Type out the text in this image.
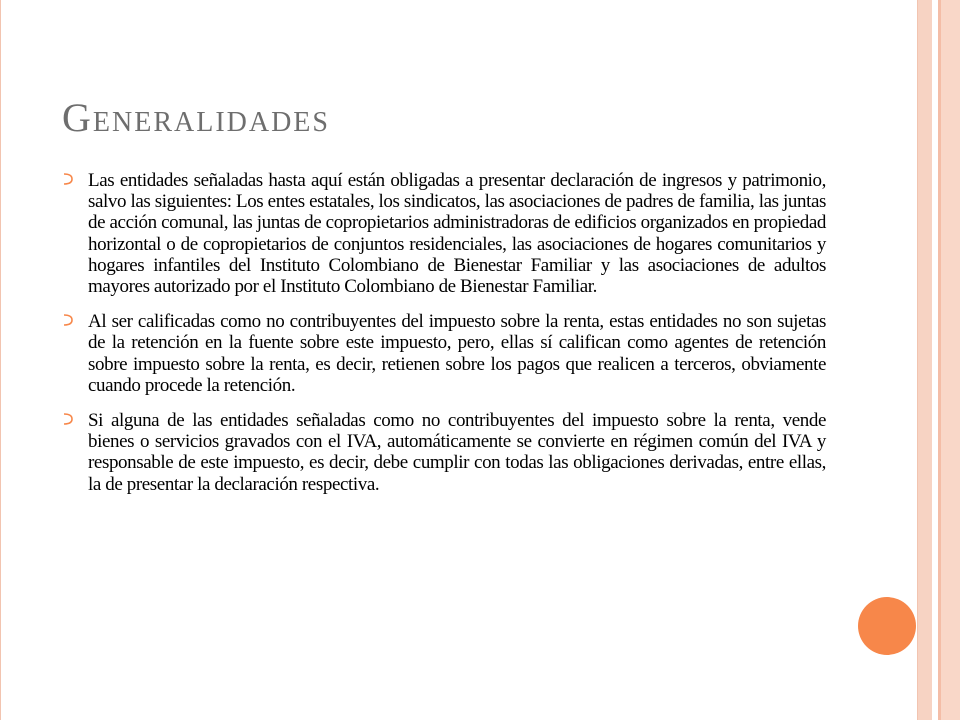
Generalidades
Las entidades señaladas hasta aquí están obligadas a presentar declaración de ingresos y patrimonio, salvo las siguientes: Los entes estatales, los sindicatos, las asociaciones de padres de familia, las juntas de acción comunal, las juntas de copropietarios administradoras de edificios organizados en propiedad horizontal o de copropietarios de conjuntos residenciales, las asociaciones de hogares comunitarios y hogares infantiles del Instituto Colombiano de Bienestar Familiar y las asociaciones de adultos mayores autorizado por el Instituto Colombiano de Bienestar Familiar.
Al ser calificadas como no contribuyentes del impuesto sobre la renta, estas entidades no son sujetas de la retención en la fuente sobre este impuesto, pero, ellas sí califican como agentes de retención sobre impuesto sobre la renta, es decir, retienen sobre los pagos que realicen a terceros, obviamente cuando procede la retención.
Si alguna de las entidades señaladas como no contribuyentes del impuesto sobre la renta, vende bienes o servicios gravados con el IVA, automáticamente se convierte en régimen común del IVA y responsable de este impuesto, es decir, debe cumplir con todas las obligaciones derivadas, entre ellas, la de presentar la declaración respectiva.
